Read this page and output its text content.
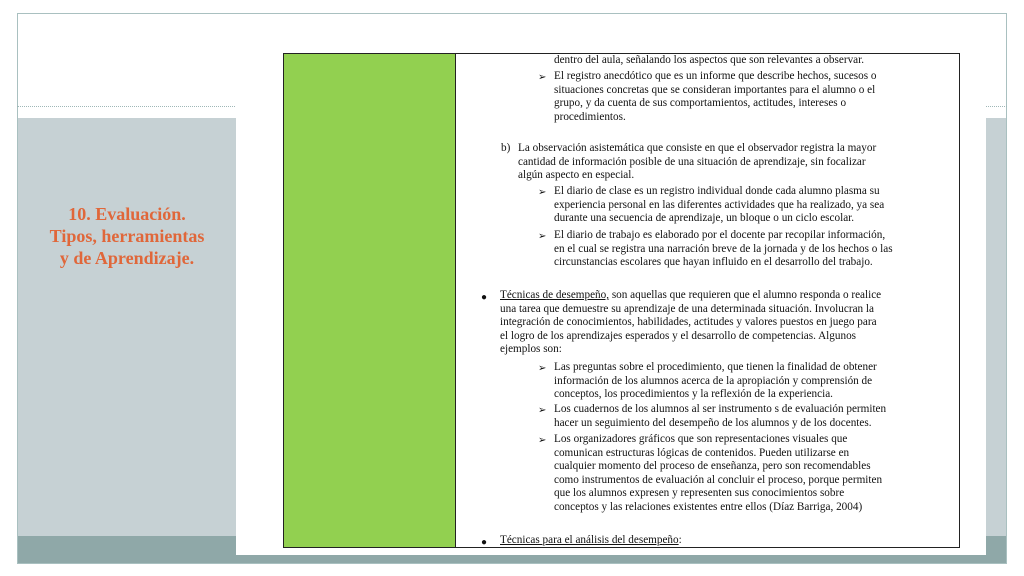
10. Evaluación.
Tipos, herramientas
y de Aprendizaje.
dentro del aula, señalando los aspectos que son relevantes a observar.
➢ El registro anecdótico que es un informe que describe hechos, sucesos o
situaciones concretas que se consideran importantes para el alumno o el
grupo, y da cuenta de sus comportamientos, actitudes, intereses o
procedimientos.
b) La observación asistemática que consiste en que el observador registra la mayor
cantidad de información posible de una situación de aprendizaje, sin focalizar
algún aspecto en especial.
➢ El diario de clase es un registro individual donde cada alumno plasma su
experiencia personal en las diferentes actividades que ha realizado, ya sea
durante una secuencia de aprendizaje, un bloque o un ciclo escolar.
➢ El diario de trabajo es elaborado por el docente par recopilar información,
en el cual se registra una narración breve de la jornada y de los hechos o las
circunstancias escolares que hayan influido en el desarrollo del trabajo.
● Técnicas de desempeño, son aquellas que requieren que el alumno responda o realice
una tarea que demuestre su aprendizaje de una determinada situación. Involucran la
integración de conocimientos, habilidades, actitudes y valores puestos en juego para
el logro de los aprendizajes esperados y el desarrollo de competencias. Algunos
ejemplos son:
➢ Las preguntas sobre el procedimiento, que tienen la finalidad de obtener
información de los alumnos acerca de la apropiación y comprensión de
conceptos, los procedimientos y la reflexión de la experiencia.
➢ Los cuadernos de los alumnos al ser instrumento s de evaluación permiten
hacer un seguimiento del desempeño de los alumnos y de los docentes.
➢ Los organizadores gráficos que son representaciones visuales que
comunican estructuras lógicas de contenidos. Pueden utilizarse en
cualquier momento del proceso de enseñanza, pero son recomendables
como instrumentos de evaluación al concluir el proceso, porque permiten
que los alumnos expresen y representen sus conocimientos sobre
conceptos y las relaciones existentes entre ellos (Díaz Barriga, 2004)
● Técnicas para el análisis del desempeño:
